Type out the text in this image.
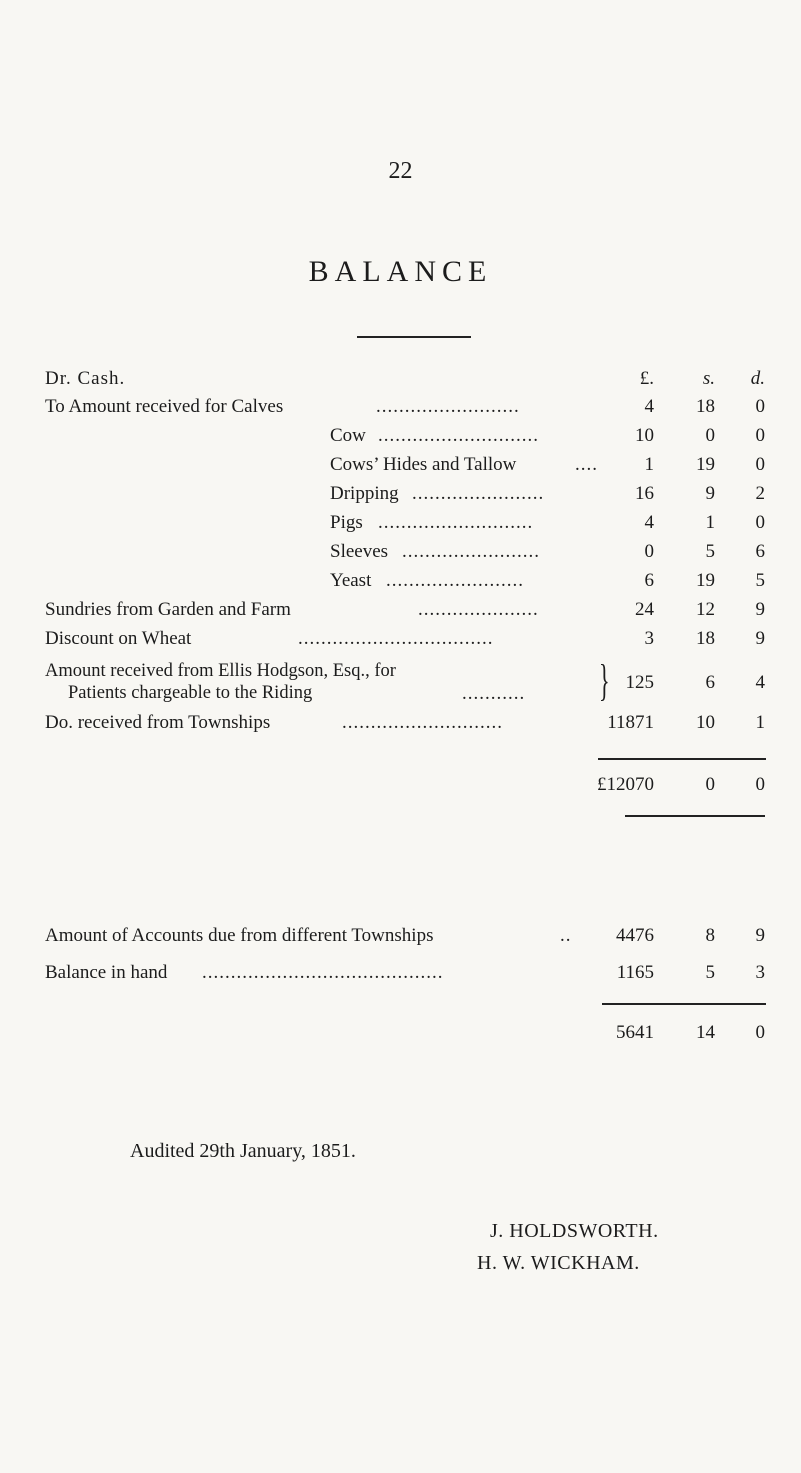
22
BALANCE
Dr. Cash.	£.	s.	d.
To Amount received for Calves	.........................	4	18	0
Cow ............................	10	0	0
Cows’ Hides and Tallow	....	1	19	0
Dripping .......................	16	9	2
Pigs ...........................	4	1	0
Sleeves ........................	0	5	6
Yeast ........................	6	19	5
Sundries from Garden and Farm	.....................	24	12	9
Discount on Wheat	..................................	3	18	9
Amount received from Ellis Hodgson, Esq., for
Patients chargeable to the Riding	...........	} 125	6	4
Do. received from Townships	............................	11871	10	1
£12070	0	0
Amount of Accounts due from different Townships	..	4476	8	9
Balance in hand ..........................................	1165	5	3
5641	14	0
Audited 29th January, 1851.
J. HOLDSWORTH.
H. W. WICKHAM.
